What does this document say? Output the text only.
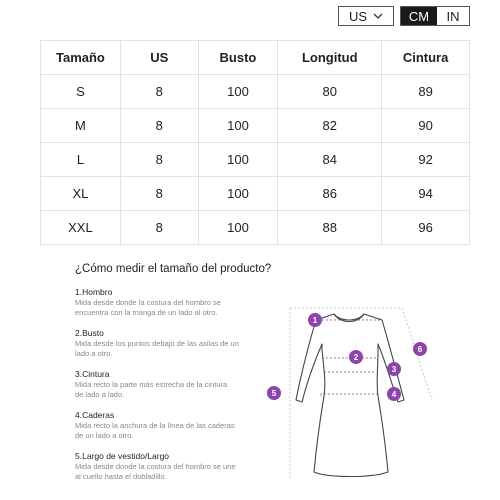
US	CM	IN
Tamaño	US	Busto	Longitud	Cintura
S	8	100	80	89
M	8	100	82	90
L	8	100	84	92
XL	8	100	86	94
XXL	8	100	88	96
¿Cómo medir el tamaño del producto?
1.Hombro
Mida desde donde la costura del hombro se
encuentra con la manga de un lado al otro.
2.Busto
Mida desde los puntos debajo de las axilas de un
lado a otro.
3.Cintura
Mida recto la parte más estrecha de la cintura
de lado a lado.
4.Caderas
Mida recto la anchura de la línea de las caderas
de un lado a otro.
5.Largo de vestido/Largo
Mida desde donde la costura del hombro se une
al cuello hasta el dobladillo.
1
2
3
4
5
6
